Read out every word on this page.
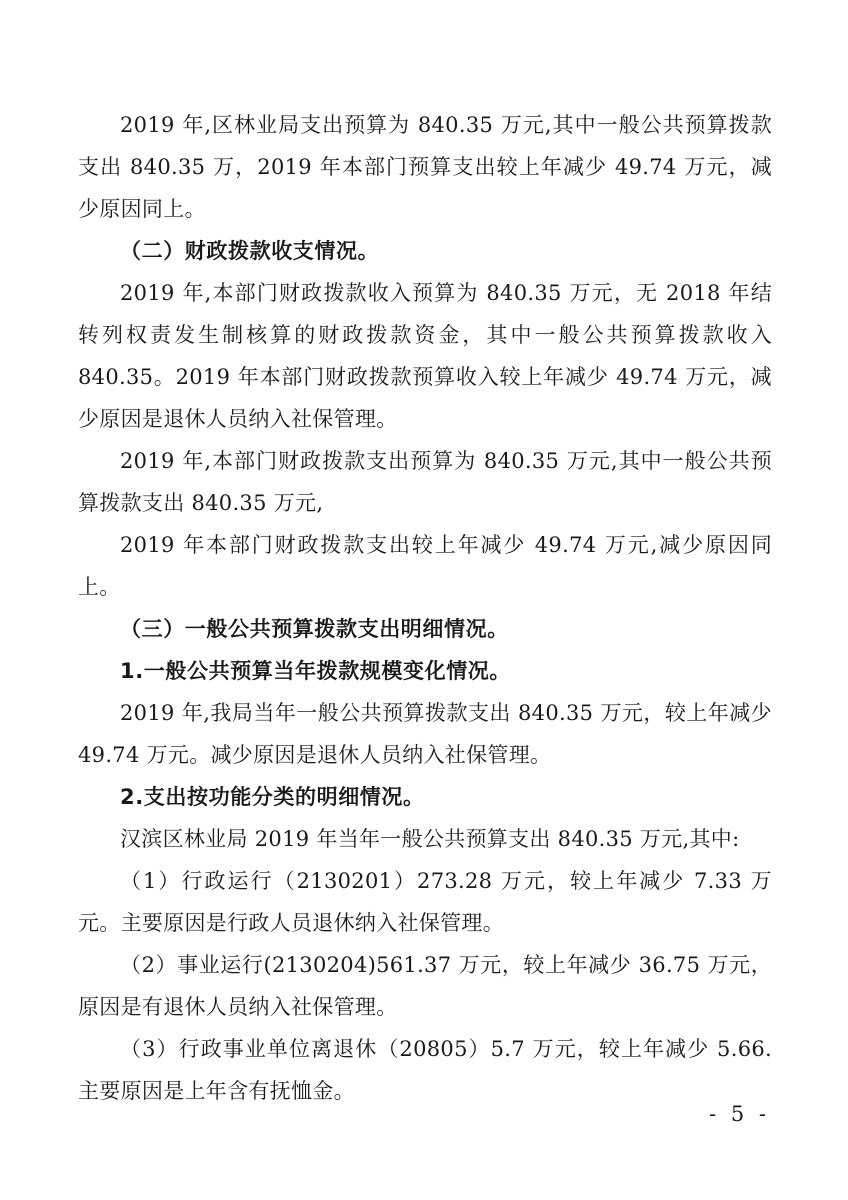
2019 年,区林业局支出预算为 840.35 万元,其中一般公共预算拨款支出 840.35 万，2019 年本部门预算支出较上年减少 49.74 万元，减少原因同上。

（二）财政拨款收支情况。

2019 年,本部门财政拨款收入预算为 840.35 万元，无 2018 年结转列权责发生制核算的财政拨款资金，其中一般公共预算拨款收入 840.35。2019 年本部门财政拨款预算收入较上年减少 49.74 万元，减少原因是退休人员纳入社保管理。

2019 年,本部门财政拨款支出预算为 840.35 万元,其中一般公共预算拨款支出 840.35 万元,

2019 年本部门财政拨款支出较上年减少 49.74 万元,减少原因同上。

（三）一般公共预算拨款支出明细情况。

1.一般公共预算当年拨款规模变化情况。

2019 年,我局当年一般公共预算拨款支出 840.35 万元，较上年减少 49.74 万元。减少原因是退休人员纳入社保管理。

2.支出按功能分类的明细情况。

汉滨区林业局 2019 年当年一般公共预算支出 840.35 万元,其中:

（1）行政运行（2130201）273.28 万元，较上年减少 7.33 万元。主要原因是行政人员退休纳入社保管理。

（2）事业运行(2130204)561.37 万元，较上年减少 36.75 万元，原因是有退休人员纳入社保管理。

（3）行政事业单位离退休（20805）5.7 万元，较上年减少 5.66.主要原因是上年含有抚恤金。

- 5 -
